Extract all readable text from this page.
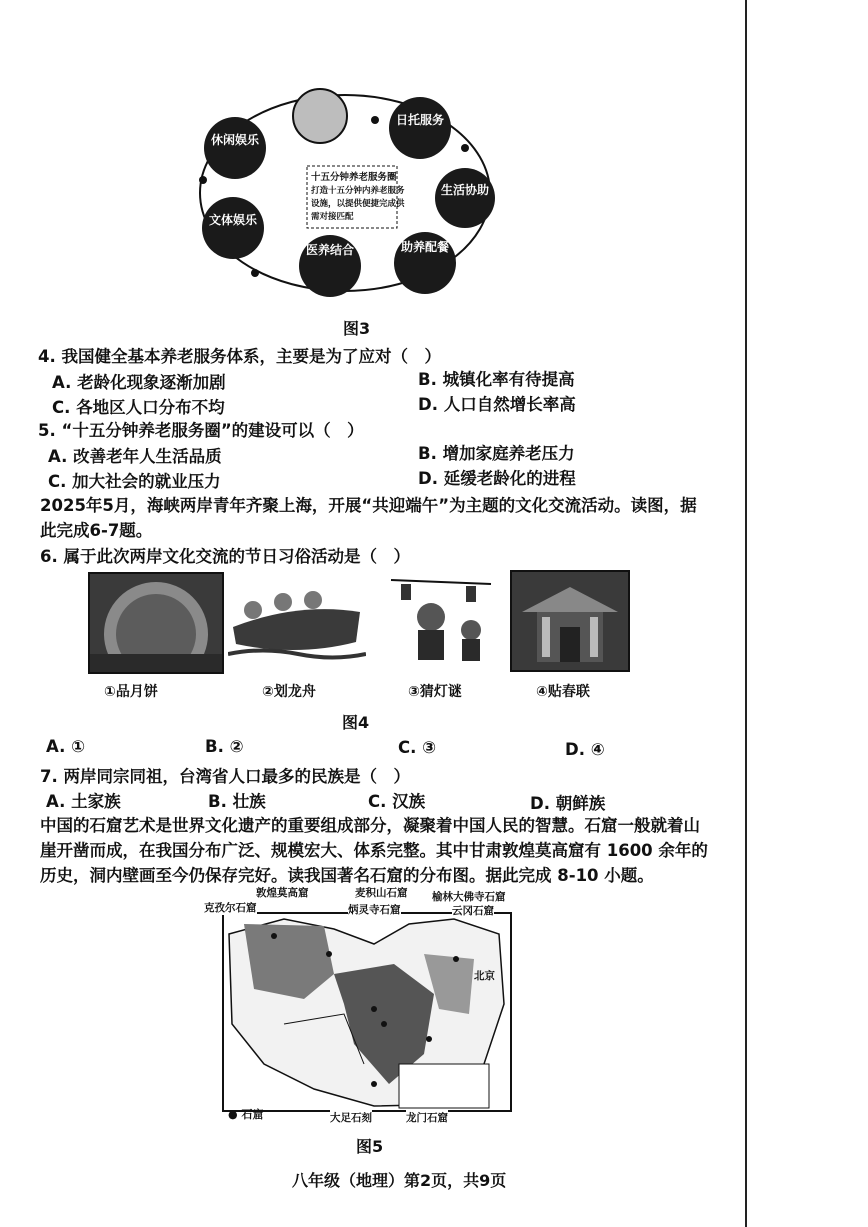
休闲娱乐
日托服务
生活协助
文体娱乐
医养结合	助养配餐
十五分钟养老服务圈
打造十五分钟内养老服务
设施，以提供便捷完成供
需对接匹配
图3
4. 我国健全基本养老服务体系，主要是为了应对（　）
A. 老龄化现象逐渐加剧	B. 城镇化率有待提高
C. 各地区人口分布不均	D. 人口自然增长率高
5. “十五分钟养老服务圈”的建设可以（　）
A. 改善老年人生活品质	B. 增加家庭养老压力
C. 加大社会的就业压力	D. 延缓老龄化的进程
2025年5月，海峡两岸青年齐聚上海，开展“共迎端午”为主题的文化交流活动。读图，据
此完成6-7题。
6. 属于此次两岸文化交流的节日习俗活动是（　）
①品月饼	②划龙舟	③猜灯谜	④贴春联
图4
A. ①	B. ②	C. ③	D. ④
7. 两岸同宗同祖，台湾省人口最多的民族是（　）
A. 土家族	B. 壮族	C. 汉族	D. 朝鲜族
中国的石窟艺术是世界文化遗产的重要组成部分，凝聚着中国人民的智慧。石窟一般就着山
崖开凿而成，在我国分布广泛、规模宏大、体系完整。其中甘肃敦煌莫高窟有 1600 余年的
历史，洞内壁画至今仍保存完好。读我国著名石窟的分布图。据此完成 8-10 小题。
克孜尔石窟
敦煌莫高窟	麦积山石窟
炳灵寺石窟
榆林大佛寺石窟
云冈石窟
北京
大足石刻	龙门石窟
● 石窟
图5
八年级（地理）第2页，共9页
